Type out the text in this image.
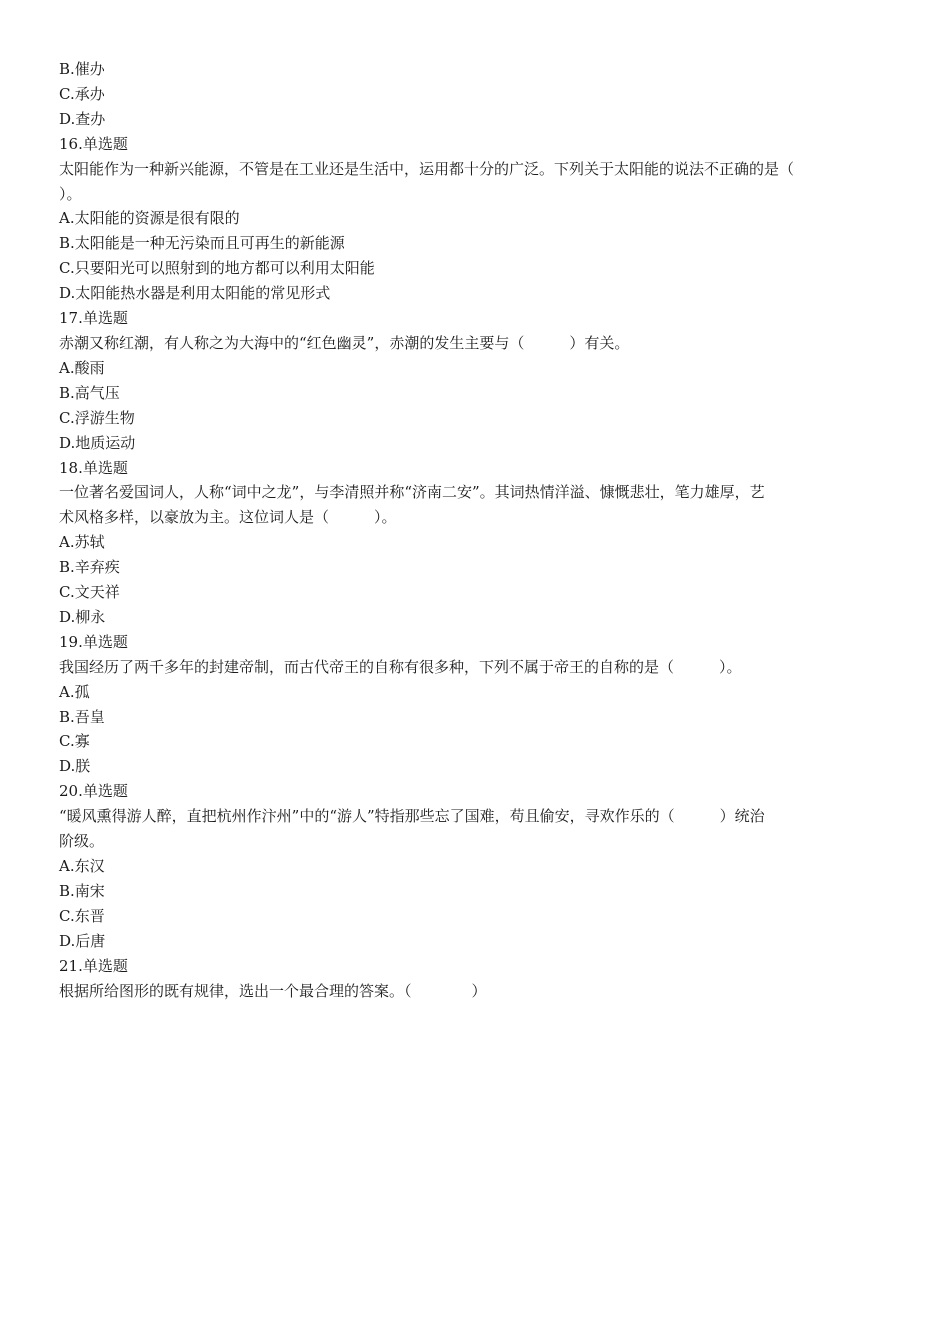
B.催办
C.承办
D.查办
16.单选题
太阳能作为一种新兴能源，不管是在工业还是生活中，运用都十分的广泛。下列关于太阳能的说法不正确的是（
）。
A.太阳能的资源是很有限的
B.太阳能是一种无污染而且可再生的新能源
C.只要阳光可以照射到的地方都可以利用太阳能
D.太阳能热水器是利用太阳能的常见形式
17.单选题
赤潮又称红潮，有人称之为大海中的“红色幽灵”，赤潮的发生主要与（　　　）有关。
A.酸雨
B.高气压
C.浮游生物
D.地质运动
18.单选题
一位著名爱国词人，人称“词中之龙”，与李清照并称“济南二安”。其词热情洋溢、慷慨悲壮，笔力雄厚，艺
术风格多样，以豪放为主。这位词人是（　　　）。
A.苏轼
B.辛弃疾
C.文天祥
D.柳永
19.单选题
我国经历了两千多年的封建帝制，而古代帝王的自称有很多种，下列不属于帝王的自称的是（　　　）。
A.孤
B.吾皇
C.寡
D.朕
20.单选题
“暖风熏得游人醉，直把杭州作汴州”中的“游人”特指那些忘了国难，苟且偷安，寻欢作乐的（　　　）统治
阶级。
A.东汉
B.南宋
C.东晋
D.后唐
21.单选题
根据所给图形的既有规律，选出一个最合理的答案。（　　　　）
